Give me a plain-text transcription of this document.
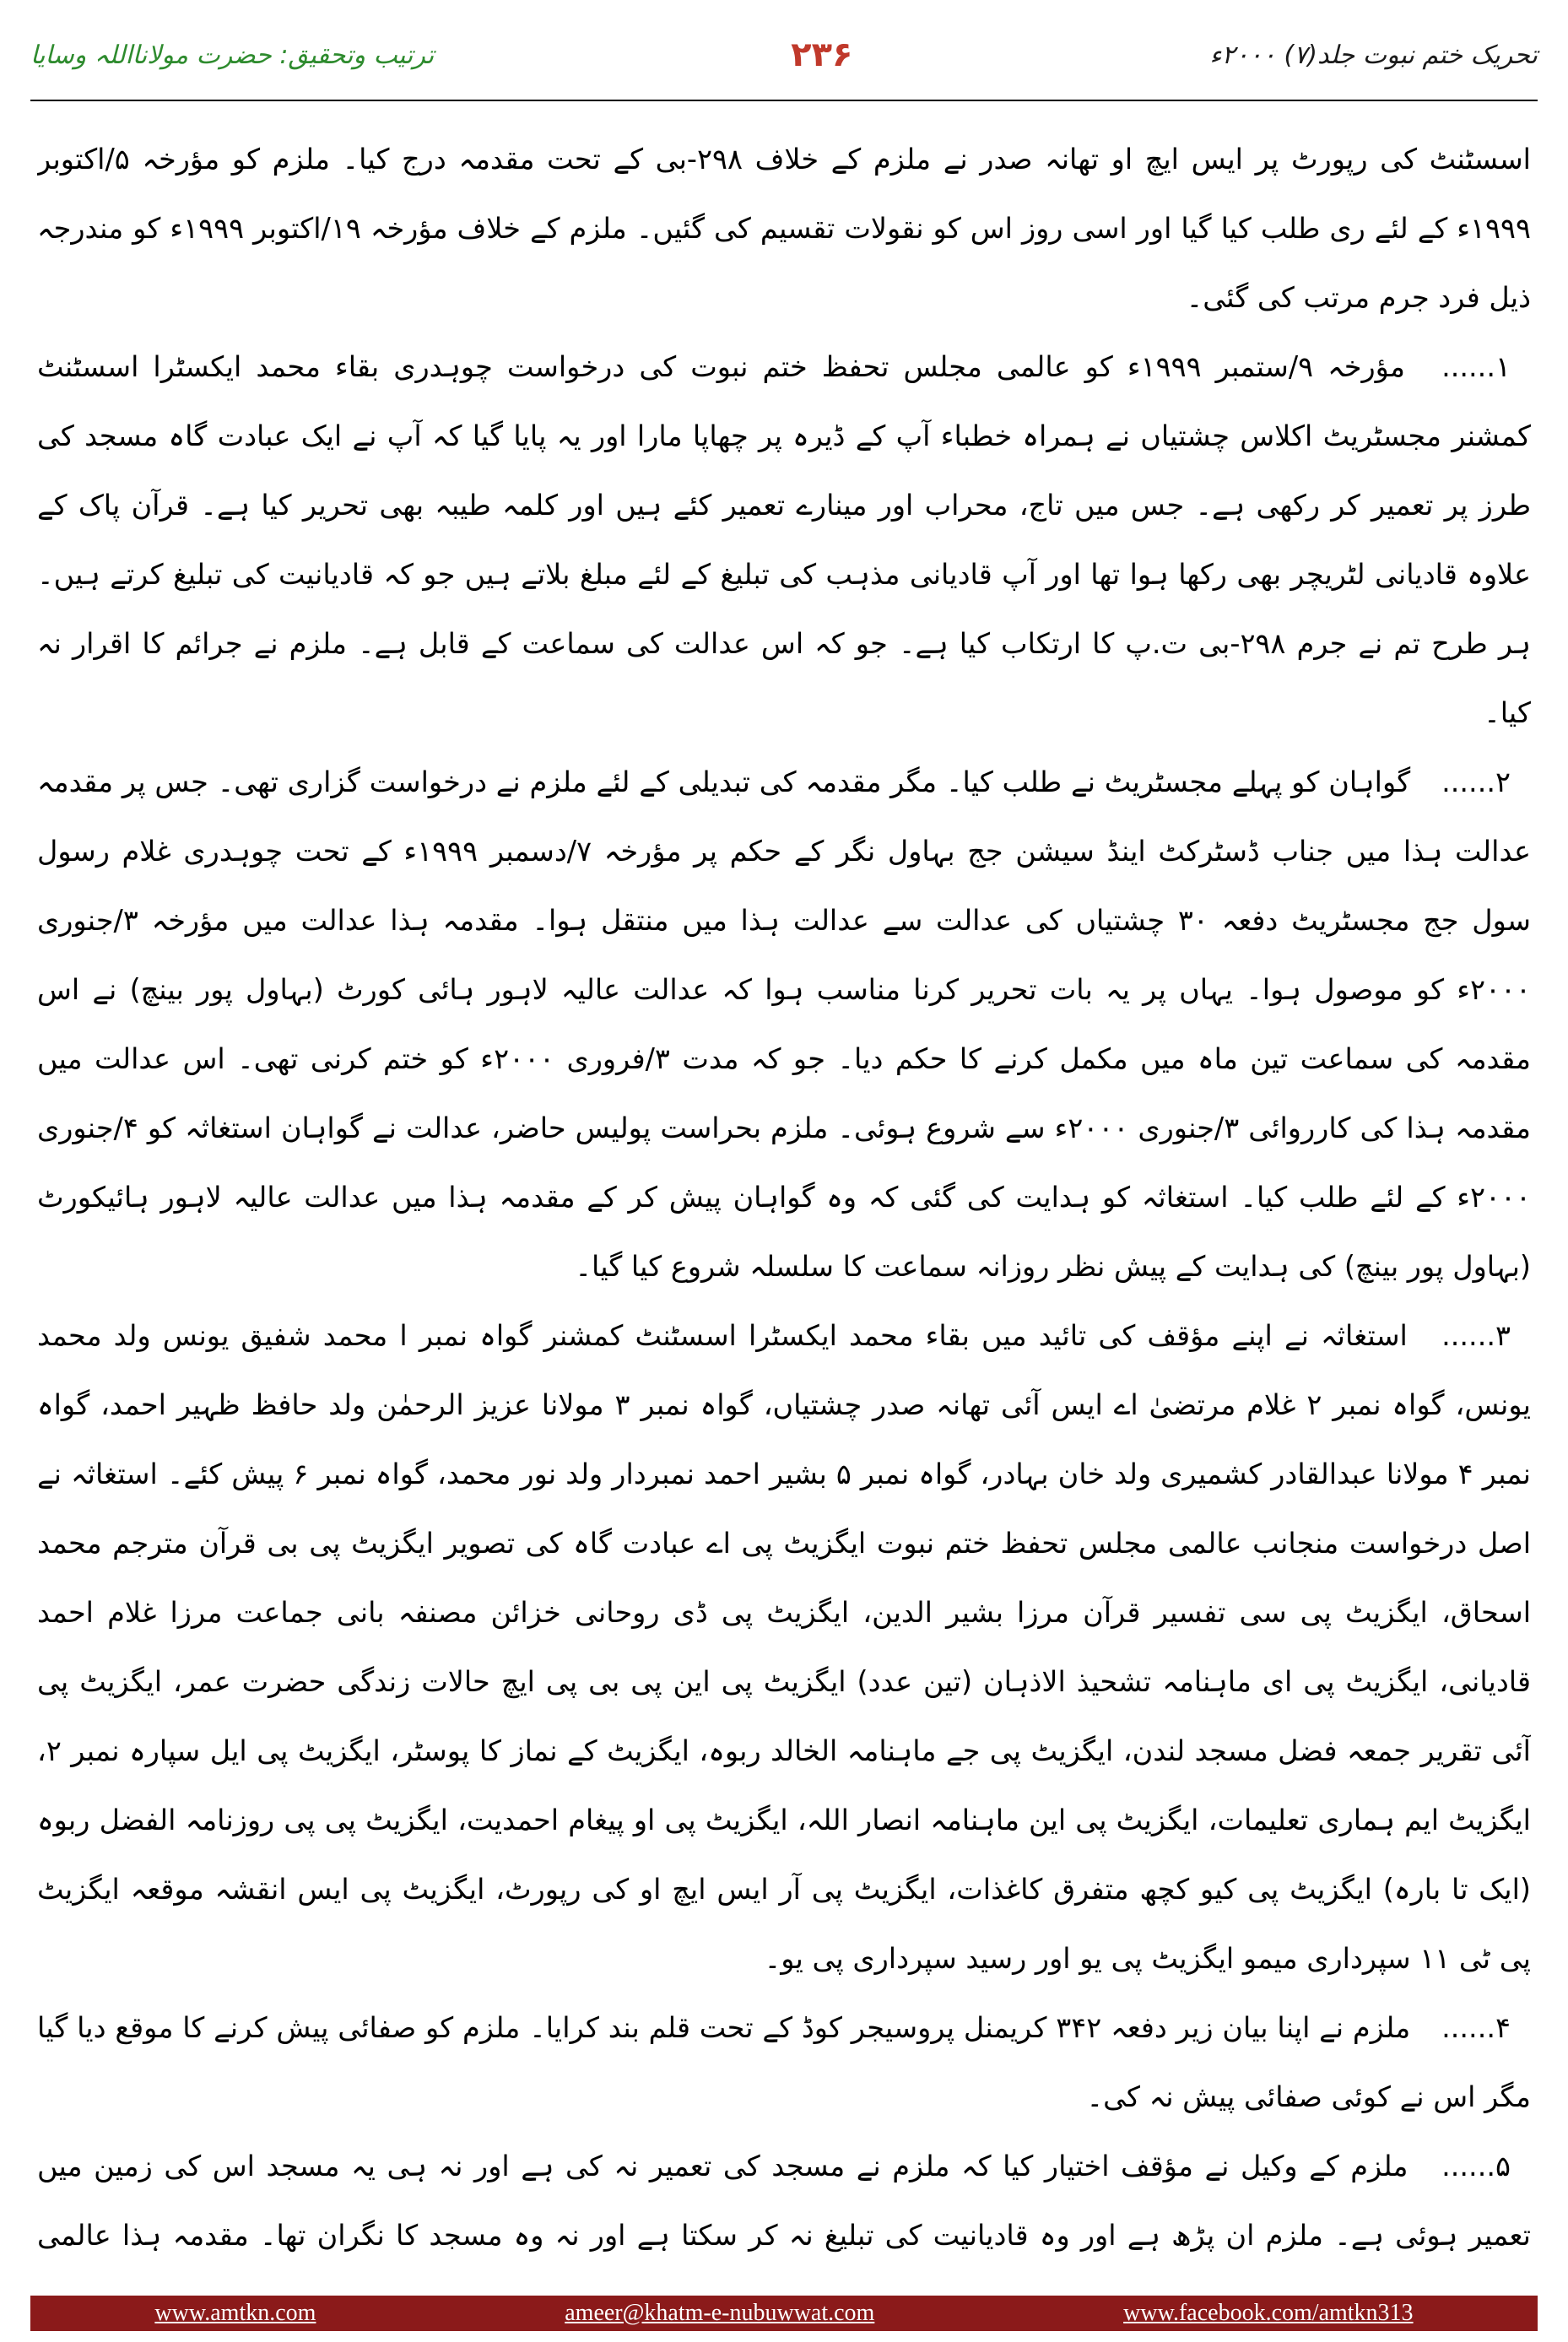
تحریک ختم نبوت جلد(۷) ۲۰۰۰ء
۲۳۶
ترتیب وتحقیق: حضرت مولانااللہ وسایا

اسسٹنٹ کی رپورٹ پر ایس ایچ او تھانہ صدر نے ملزم کے خلاف ۲۹۸-بی کے تحت مقدمہ درج کیا۔ ملزم کو مؤرخہ ۵/اکتوبر ۱۹۹۹ء کے لئے ری طلب کیا گیا اور اسی روز اس کو نقولات تقسیم کی گئیں۔ ملزم کے خلاف مؤرخہ ۱۹/اکتوبر ۱۹۹۹ء کو مندرجہ ذیل فرد جرم مرتب کی گئی۔

۱...... مؤرخہ ۹/ستمبر ۱۹۹۹ء کو عالمی مجلس تحفظ ختم نبوت کی درخواست چوہدری بقاء محمد ایکسٹرا اسسٹنٹ کمشنر مجسٹریٹ اکلاس چشتیاں نے ہمراہ خطباء آپ کے ڈیرہ پر چھاپا مارا اور یہ پایا گیا کہ آپ نے ایک عبادت گاہ مسجد کی طرز پر تعمیر کر رکھی ہے۔ جس میں تاج، محراب اور مینارے تعمیر کئے ہیں اور کلمہ طیبہ بھی تحریر کیا ہے۔ قرآن پاک کے علاوہ قادیانی لٹریچر بھی رکھا ہوا تھا اور آپ قادیانی مذہب کی تبلیغ کے لئے مبلغ بلاتے ہیں جو کہ قادیانیت کی تبلیغ کرتے ہیں۔ ہر طرح تم نے جرم ۲۹۸-بی ت.پ کا ارتکاب کیا ہے۔ جو کہ اس عدالت کی سماعت کے قابل ہے۔ ملزم نے جرائم کا اقرار نہ کیا۔

۲...... گواہان کو پہلے مجسٹریٹ نے طلب کیا۔ مگر مقدمہ کی تبدیلی کے لئے ملزم نے درخواست گزاری تھی۔ جس پر مقدمہ عدالت ہذا میں جناب ڈسٹرکٹ اینڈ سیشن جج بہاول نگر کے حکم پر مؤرخہ ۷/دسمبر ۱۹۹۹ء کے تحت چوہدری غلام رسول سول جج مجسٹریٹ دفعہ ۳۰ چشتیاں کی عدالت سے عدالت ہذا میں منتقل ہوا۔ مقدمہ ہذا عدالت میں مؤرخہ ۳/جنوری ۲۰۰۰ء کو موصول ہوا۔ یہاں پر یہ بات تحریر کرنا مناسب ہوا کہ عدالت عالیہ لاہور ہائی کورٹ (بہاول پور بینچ) نے اس مقدمہ کی سماعت تین ماہ میں مکمل کرنے کا حکم دیا۔ جو کہ مدت ۳/فروری ۲۰۰۰ء کو ختم کرنی تھی۔ اس عدالت میں مقدمہ ہذا کی کارروائی ۳/جنوری ۲۰۰۰ء سے شروع ہوئی۔ ملزم بحراست پولیس حاضر، عدالت نے گواہان استغاثہ کو ۴/جنوری ۲۰۰۰ء کے لئے طلب کیا۔ استغاثہ کو ہدایت کی گئی کہ وہ گواہان پیش کر کے مقدمہ ہذا میں عدالت عالیہ لاہور ہائیکورٹ (بہاول پور بینچ) کی ہدایت کے پیش نظر روزانہ سماعت کا سلسلہ شروع کیا گیا۔

۳...... استغاثہ نے اپنے مؤقف کی تائید میں بقاء محمد ایکسٹرا اسسٹنٹ کمشنر گواہ نمبر ا محمد شفیق یونس ولد محمد یونس، گواہ نمبر ۲ غلام مرتضیٰ اے ایس آئی تھانہ صدر چشتیاں، گواہ نمبر ۳ مولانا عزیز الرحمٰن ولد حافظ ظہیر احمد، گواہ نمبر ۴ مولانا عبدالقادر کشمیری ولد خان بہادر، گواہ نمبر ۵ بشیر احمد نمبردار ولد نور محمد، گواہ نمبر ۶ پیش کئے۔ استغاثہ نے اصل درخواست منجانب عالمی مجلس تحفظ ختم نبوت ایگزیٹ پی اے عبادت گاہ کی تصویر ایگزیٹ پی بی قرآن مترجم محمد اسحاق، ایگزیٹ پی سی تفسیر قرآن مرزا بشیر الدین، ایگزیٹ پی ڈی روحانی خزائن مصنفہ بانی جماعت مرزا غلام احمد قادیانی، ایگزیٹ پی ای ماہنامہ تشحیذ الاذہان (تین عدد) ایگزیٹ پی این پی بی پی ایچ حالات زندگی حضرت عمر، ایگزیٹ پی آئی تقریر جمعہ فضل مسجد لندن، ایگزیٹ پی جے ماہنامہ الخالد ربوہ، ایگزیٹ کے نماز کا پوسٹر، ایگزیٹ پی ایل سپارہ نمبر ۲، ایگزیٹ ایم ہماری تعلیمات، ایگزیٹ پی این ماہنامہ انصار اللہ، ایگزیٹ پی او پیغام احمدیت، ایگزیٹ پی پی روزنامہ الفضل ربوہ (ایک تا بارہ) ایگزیٹ پی کیو کچھ متفرق کاغذات، ایگزیٹ پی آر ایس ایچ او کی رپورٹ، ایگزیٹ پی ایس انقشہ موقعہ ایگزیٹ پی ٹی ۱۱ سپرداری میمو ایگزیٹ پی یو اور رسید سپرداری پی یو۔

۴...... ملزم نے اپنا بیان زیر دفعہ ۳۴۲ کریمنل پروسیجر کوڈ کے تحت قلم بند کرایا۔ ملزم کو صفائی پیش کرنے کا موقع دیا گیا مگر اس نے کوئی صفائی پیش نہ کی۔

۵...... ملزم کے وکیل نے مؤقف اختیار کیا کہ ملزم نے مسجد کی تعمیر نہ کی ہے اور نہ ہی یہ مسجد اس کی زمین میں تعمیر ہوئی ہے۔ ملزم ان پڑھ ہے اور وہ قادیانیت کی تبلیغ نہ کر سکتا ہے اور نہ وہ مسجد کا نگران تھا۔ مقدمہ ہذا عالمی

www.amtkn.com	ameer@khatm-e-nubuwwat.com	www.facebook.com/amtkn313
